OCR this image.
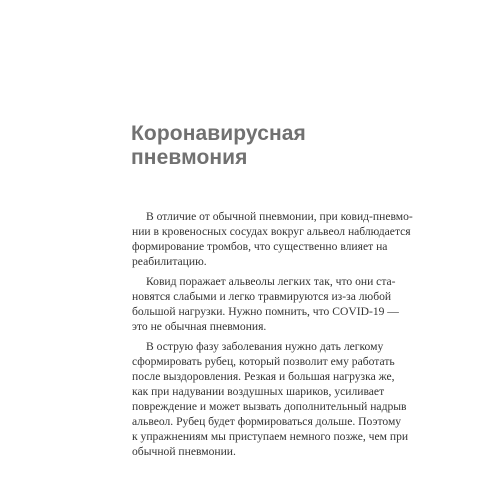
Коронавирусная
пневмония

В отличие от обычной пневмонии, при ковид-пневмо-
нии в кровеносных сосудах вокруг альвеол наблюдается
формирование тромбов, что существенно влияет на
реабилитацию.

Ковид поражает альвеолы легких так, что они ста-
новятся слабыми и легко травмируются из-за любой
большой нагрузки. Нужно помнить, что COVID-19 —
это не обычная пневмония.

В острую фазу заболевания нужно дать легкому
сформировать рубец, который позволит ему работать
после выздоровления. Резкая и большая нагрузка же,
как при надувании воздушных шариков, усиливает
повреждение и может вызвать дополнительный надрыв
альвеол. Рубец будет формироваться дольше. Поэтому
к упражнениям мы приступаем немного позже, чем при
обычной пневмонии.
